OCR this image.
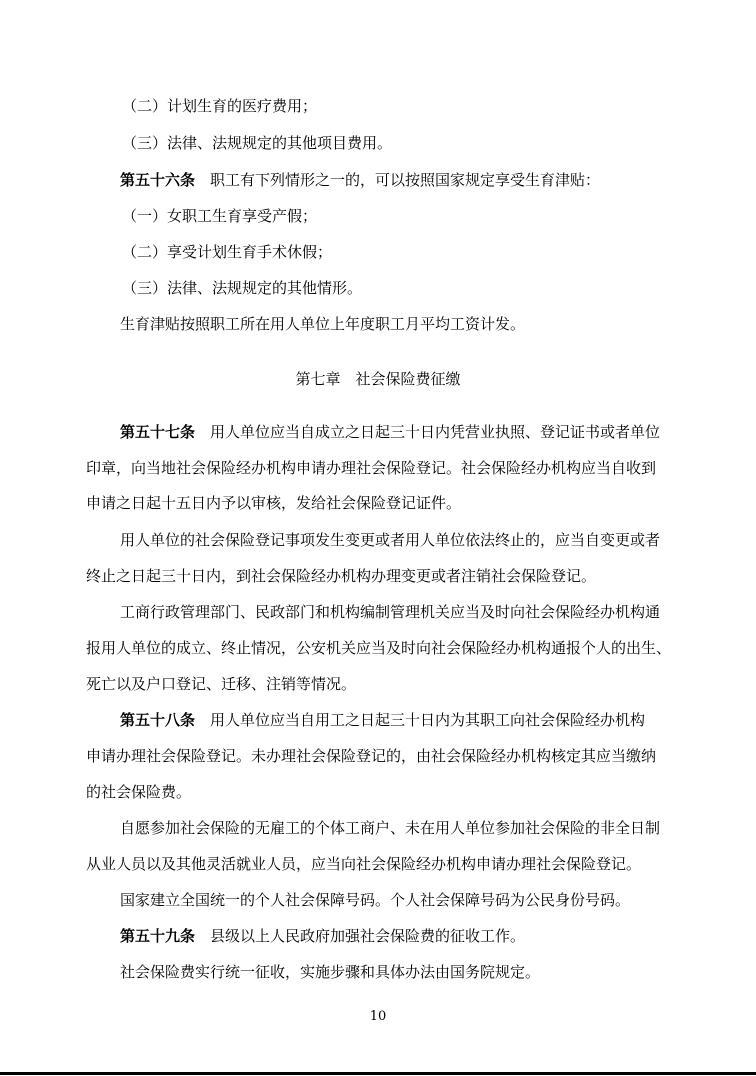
（二）计划生育的医疗费用；
（三）法律、法规规定的其他项目费用。
第五十六条　 职工有下列情形之一的，可以按照国家规定享受生育津贴：
（一）女职工生育享受产假；
（二）享受计划生育手术休假；
（三）法律、法规规定的其他情形。
生育津贴按照职工所在用人单位上年度职工月平均工资计发。
第七章　社会保险费征缴
第五十七条　 用人单位应当自成立之日起三十日内凭营业执照、登记证书或者单位
印章，向当地社会保险经办机构申请办理社会保险登记。社会保险经办机构应当自收到
申请之日起十五日内予以审核，发给社会保险登记证件。
用人单位的社会保险登记事项发生变更或者用人单位依法终止的，应当自变更或者
终止之日起三十日内，到社会保险经办机构办理变更或者注销社会保险登记。
工商行政管理部门、民政部门和机构编制管理机关应当及时向社会保险经办机构通
报用人单位的成立、终止情况，公安机关应当及时向社会保险经办机构通报个人的出生、
死亡以及户口登记、迁移、注销等情况。
第五十八条　 用人单位应当自用工之日起三十日内为其职工向社会保险经办机构
申请办理社会保险登记。未办理社会保险登记的，由社会保险经办机构核定其应当缴纳
的社会保险费。
自愿参加社会保险的无雇工的个体工商户、未在用人单位参加社会保险的非全日制
从业人员以及其他灵活就业人员，应当向社会保险经办机构申请办理社会保险登记。
国家建立全国统一的个人社会保障号码。个人社会保障号码为公民身份号码。
第五十九条　 县级以上人民政府加强社会保险费的征收工作。
社会保险费实行统一征收，实施步骤和具体办法由国务院规定。
10
